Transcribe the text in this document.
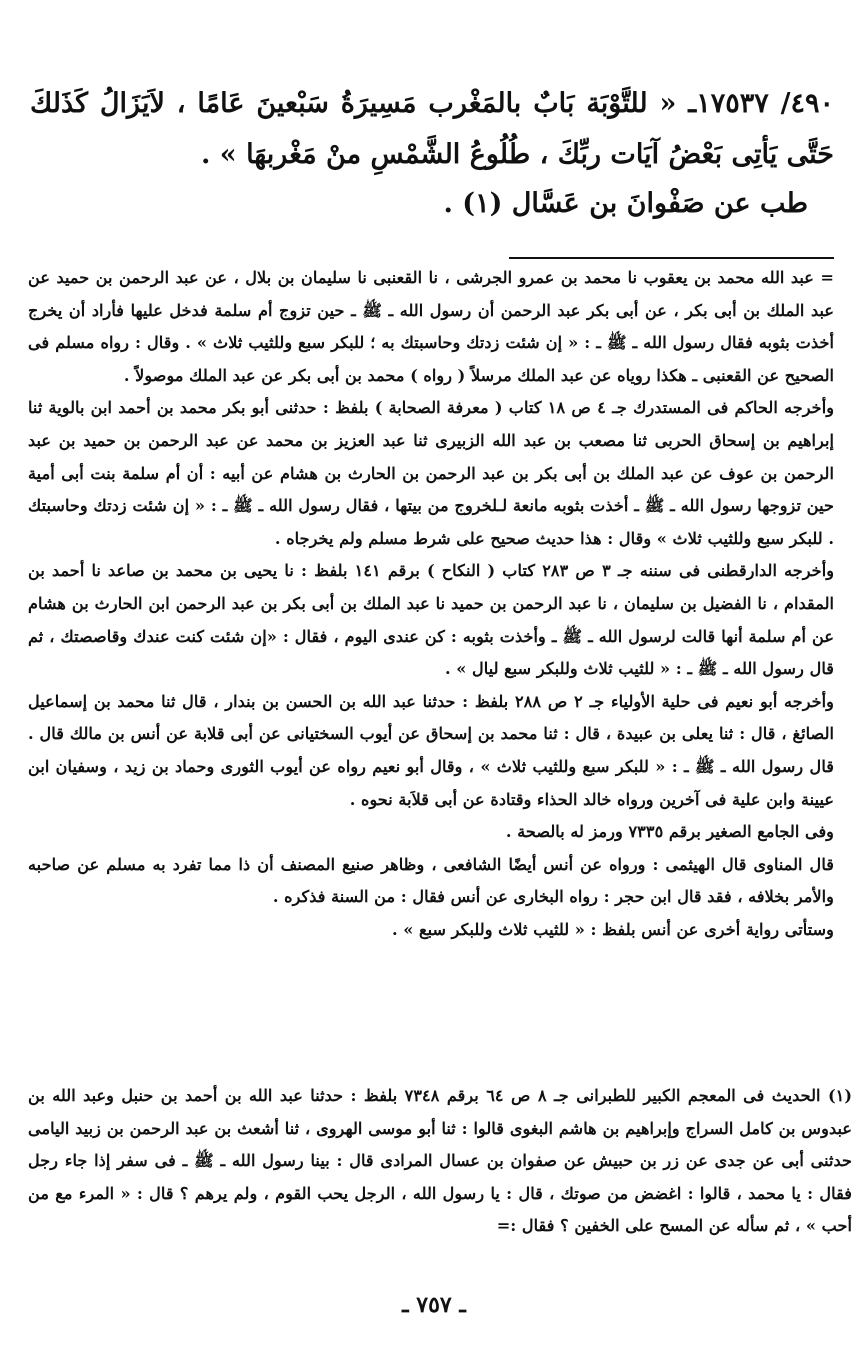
٤٩٠/ ١٧٥٣٧ـ « للتَّوْبَة بَابٌ بالمَغْرب مَسِيرَةُ سَبْعينَ عَامًا ، لاَيَزَالُ كَذَلكَ حَتَّى يَأتِى بَعْضُ آيَات ربِّكَ ، طُلُوعُ الشَّمْسِ منْ مَغْربهَا » .
طب عن صَفْوانَ بن عَسَّال (١) .

= عبد الله محمد بن يعقوب نا محمد بن عمرو الجرشى ، نا القعنبى نا سليمان بن بلال ، عن عبد الرحمن بن حميد عن عبد الملك بن أبى بكر ، عن أبى بكر عبد الرحمن أن رسول الله ـ ﷺ ـ حين تزوج أم سلمة فدخل عليها فأراد أن يخرج أخذت بثوبه فقال رسول الله ـ ﷺ ـ : « إن شئت زدتك وحاسبتك به ؛ للبكر سبع وللثيب ثلاث » . وقال : رواه مسلم فى الصحيح عن القعنبى ـ هكذا روياه عن عبد الملك مرسلاً ( رواه ) محمد بن أبى بكر عن عبد الملك موصولاً .

وأخرجه الحاكم فى المستدرك جـ ٤ ص ١٨ كتاب ( معرفة الصحابة ) بلفظ : حدثنى أبو بكر محمد بن أحمد ابن بالوية ثنا إبراهيم بن إسحاق الحربى ثنا مصعب بن عبد الله الزبيرى ثنا عبد العزيز بن محمد عن عبد الرحمن بن حميد بن عبد الرحمن بن عوف عن عبد الملك بن أبى بكر بن عبد الرحمن بن الحارث بن هشام عن أبيه : أن أم سلمة بنت أبى أمية حين تزوجها رسول الله ـ ﷺ ـ أخذت بثوبه مانعة لـلخروج من بيتها ، فقال رسول الله ـ ﷺ ـ : « إن شئت زدتك وحاسبتك . للبكر سبع وللثيب ثلاث » وقال : هذا حديث صحيح على شرط مسلم ولم يخرجاه .

وأخرجه الدارقطنى فى سننه جـ ٣ ص ٢٨٣ كتاب ( النكاح ) برقم ١٤١ بلفظ : نا يحيى بن محمد بن صاعد نا أحمد بن المقدام ، نا الفضيل بن سليمان ، نا عبد الرحمن بن حميد نا عبد الملك بن أبى بكر بن عبد الرحمن ابن الحارث بن هشام عن أم سلمة أنها قالت لرسول الله ـ ﷺ ـ وأخذت بثوبه : كن عندى اليوم ، فقال : «إن شئت كنت عندك وقاصصتك ، ثم قال رسول الله ـ ﷺ ـ : « للثيب ثلاث وللبكر سبع ليال » .

وأخرجه أبو نعيم فى حلية الأولياء جـ ٢ ص ٢٨٨ بلفظ : حدثنا عبد الله بن الحسن بن بندار ، قال ثنا محمد بن إسماعيل الصائغ ، قال : ثنا يعلى بن عبيدة ، قال : ثنا محمد بن إسحاق عن أيوب السختيانى عن أبى قلابة عن أنس بن مالك قال . قال رسول الله ـ ﷺ ـ : « للبكر سبع وللثيب ثلاث » ، وقال أبو نعيم رواه عن أيوب الثورى وحماد بن زيد ، وسفيان ابن عيينة وابن علية فى آخرين ورواه خالد الحذاء وقتادة عن أبى قلاَبة نحوه .

وفى الجامع الصغير برقم ٧٣٣٥ ورمز له بالصحة .

قال المناوى قال الهيثمى : ورواه عن أنس أيضًا الشافعى ، وظاهر صنيع المصنف أن ذا مما تفرد به مسلم عن صاحبه والأمر بخلافه ، فقد قال ابن حجر : رواه البخارى عن أنس فقال : من السنة فذكره .

وستأتى رواية أخرى عن أنس بلفظ : « للثيب ثلاث وللبكر سبع » .

(١) الحديث فى المعجم الكبير للطبرانى جـ ٨ ص ٦٤ برقم ٧٣٤٨ بلفظ : حدثنا عبد الله بن أحمد بن حنبل وعبد الله بن عبدوس بن كامل السراج وإبراهيم بن هاشم البغوى قالوا : ثنا أبو موسى الهروى ، ثنا أشعث بن عبد الرحمن بن زبيد اليامى حدثنى أبى عن جدى عن زر بن حبيش عن صفوان بن عسال المرادى قال : بينا رسول الله ـ ﷺ ـ فى سفر إذا جاء رجل فقال : يا محمد ، قالوا : اغضض من صوتك ، قال : يا رسول الله ، الرجل يحب القوم ، ولم يرهم ؟ قال : « المرء مع من أحب » ، ثم سأله عن المسح على الخفين ؟ فقال :=
ـ ٧٥٧ ـ
